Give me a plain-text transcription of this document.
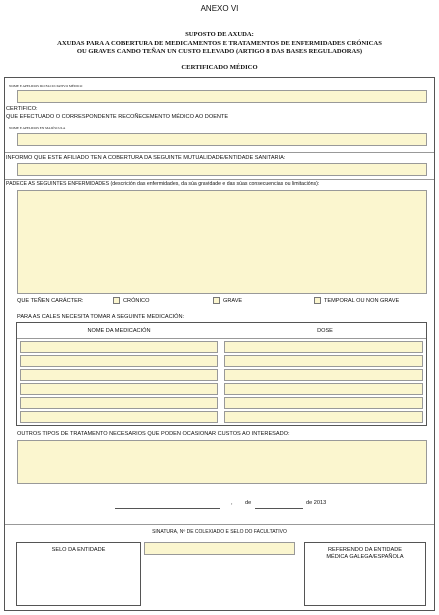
ANEXO VI
SUPOSTO DE AXUDA:
AXUDAS PARA A COBERTURA DE MEDICAMENTOS E TRATAMENTOS DE ENFERMIDADES CRÓNICAS
OU GRAVES CANDO TEÑAN UN CUSTO ELEVADO (ARTIGO 8 DAS BASES REGULADORAS)
CERTIFICADO MÉDICO
NOME E APELIDOS DO FACULTATIVO MÉDICO
CERTIFICO:
QUE EFECTUADO O CORRESPONDENTE RECOÑECEMENTO MÉDICO AO DOENTE
NOME E APELIDOS EN MAIÚSCULA
INFORMO QUE ESTE AFILIADO TEN A COBERTURA DA SEGUINTE MUTUALIDADE/ENTIDADE SANITARIA:
PADECE AS SEGUINTES ENFERMIDADES (descrición das enfermidades, da súa gravidade e das súas consecuencias ou limitacións):
QUE TEÑEN CARÁCTER:	CRÓNICO	GRAVE	TEMPORAL OU NON GRAVE
PARA AS CALES NECESITA TOMAR A SEGUINTE MEDICACIÓN:
NOME DA MEDICACIÓN	DOSE
OUTROS TIPOS DE TRATAMENTO NECESARIOS QUE PODEN OCASIONAR CUSTOS AO INTERESADO:
, de	de 2013
SINATURA, Nº DE COLEXIADO E SELO DO FACULTATIVO
SELO DA ENTIDADE	REFERENDO DA ENTIDADE
MÉDICA GALEGA/ESPAÑOLA
